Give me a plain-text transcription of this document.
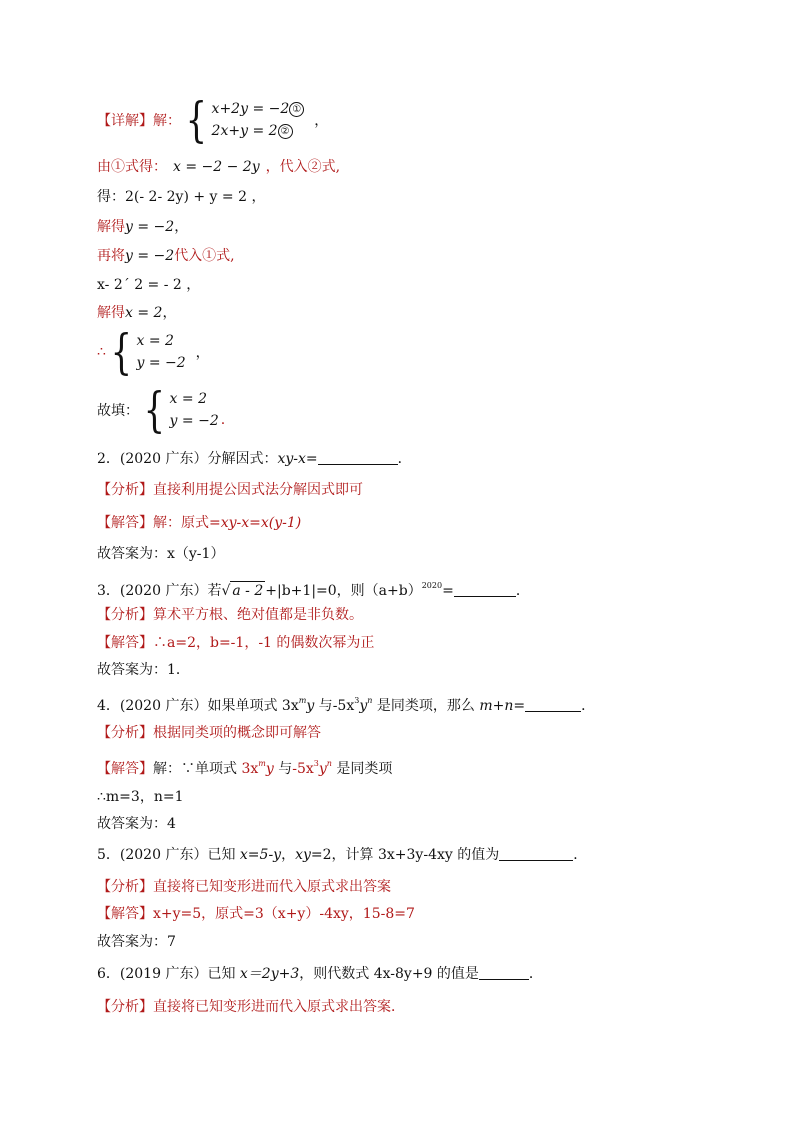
【详解】 解： { x+2y = −2 ①
2x+y = 2 ②
，
由①式得： x = −2 − 2y ，代入②式,
得：2(- 2- 2y) + y = 2 ，
解得y = −2，
再将y = −2代入①式,
x- 2´ 2 = - 2 ，
解得x = 2，
∴ { x = 2
y = −2
，
故填： { x = 2
y = −2 .
2．(2020 广东）分解因式：xy-x=	．
【分析】直接利用提公因式法分解因式即可
【解答】解：原式=xy-x=x(y-1)
故答案为：x（y-1）
3．(2020 广东）若√ a - 2 +|b+1|=0，则$(a+b)^{2020}=$	．
【分析】算术平方根、绝对值都是非负数。
【解答】∴a=2，b=-1，-1 的偶数次幂为正
故答案为：1．
4．(2020 广东）如果单项式 $3x^my$ 与$-5x^3y^n$ 是同类项，那么 m+n=	．
【分析】根据同类项的概念即可解答
【解答】解：∵单项式 $3x^my$ 与$-5x^3y^n$ 是同类项
∴m=3，n=1
故答案为：4
5．(2020 广东）已知 x=5-y，xy=2，计算 3x+3y-4xy 的值为	．
【分析】直接将已知变形进而代入原式求出答案
【解答】x+y=5，原式=3（x+y）-4xy，15-8=7
故答案为：7
6．(2019 广东）已知 x＝2y+3，则代数式 4x-8y+9 的值是	．
【分析】直接将已知变形进而代入原式求出答案．
